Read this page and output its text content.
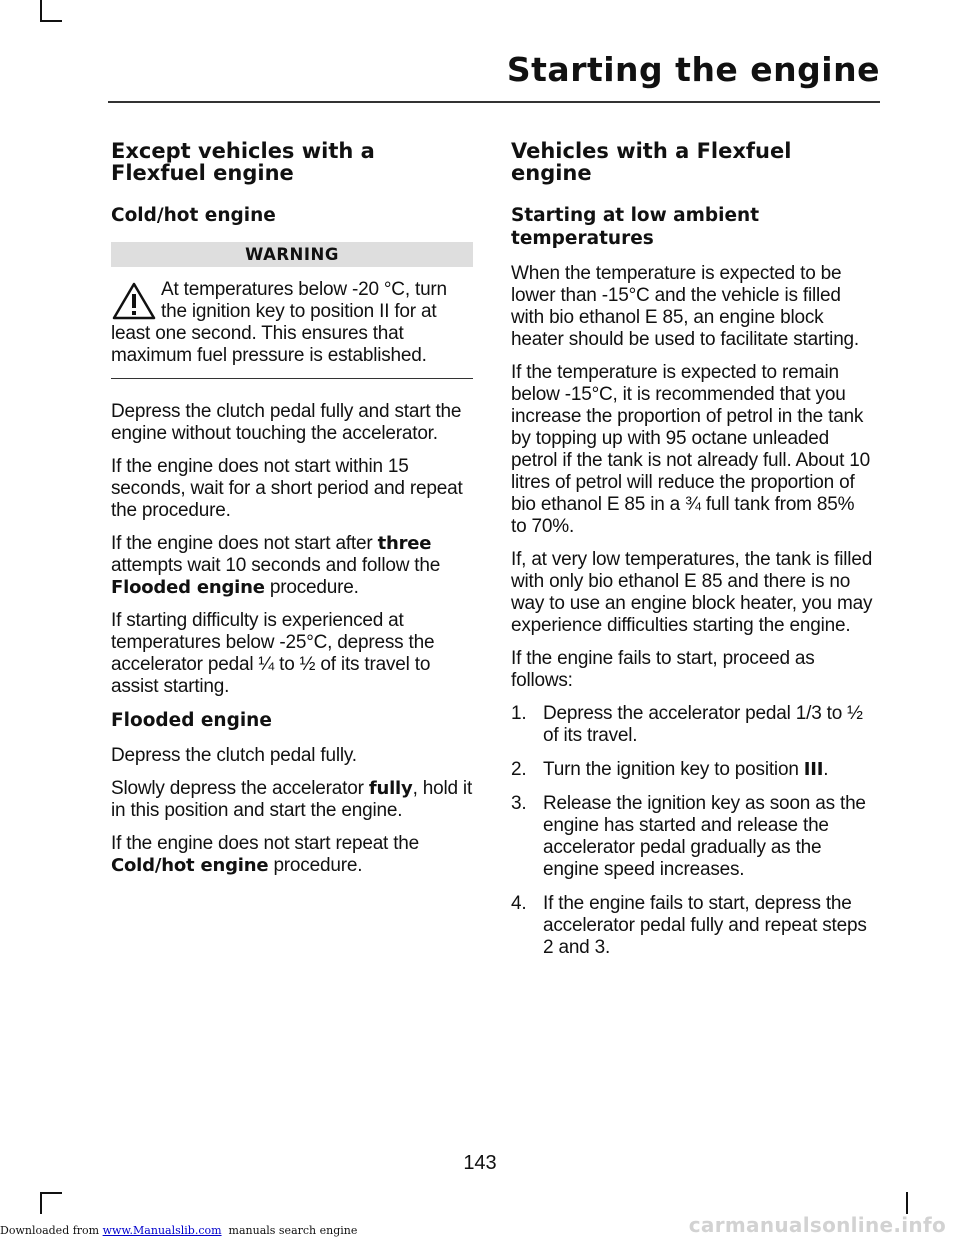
Starting the engine
Except vehicles with a Flexfuel engine
Cold/hot engine
WARNING
At temperatures below -20 °C, turn the ignition key to position II for at least one second. This ensures that maximum fuel pressure is established.

Depress the clutch pedal fully and start the engine without touching the accelerator.

If the engine does not start within 15 seconds, wait for a short period and repeat the procedure.

If the engine does not start after three attempts wait 10 seconds and follow the Flooded engine procedure.

If starting difficulty is experienced at temperatures below -25°C, depress the accelerator pedal ¼ to ½ of its travel to assist starting.

Flooded engine

Depress the clutch pedal fully.

Slowly depress the accelerator fully, hold it in this position and start the engine.

If the engine does not start repeat the Cold/hot engine procedure.

Vehicles with a Flexfuel engine
Starting at low ambient temperatures

When the temperature is expected to be lower than -15°C and the vehicle is filled with bio ethanol E 85, an engine block heater should be used to facilitate starting.

If the temperature is expected to remain below -15°C, it is recommended that you increase the proportion of petrol in the tank by topping up with 95 octane unleaded petrol if the tank is not already full. About 10 litres of petrol will reduce the proportion of bio ethanol E 85 in a ¾ full tank from 85% to 70%.

If, at very low temperatures, the tank is filled with only bio ethanol E 85 and there is no way to use an engine block heater, you may experience difficulties starting the engine.

If the engine fails to start, proceed as follows:

1. Depress the accelerator pedal 1/3 to ½ of its travel.
2. Turn the ignition key to position III.
3. Release the ignition key as soon as the engine has started and release the accelerator pedal gradually as the engine speed increases.
4. If the engine fails to start, depress the accelerator pedal fully and repeat steps 2 and 3.
143
Downloaded from www.Manualslib.com  manuals search engine	carmanualsonline.info
